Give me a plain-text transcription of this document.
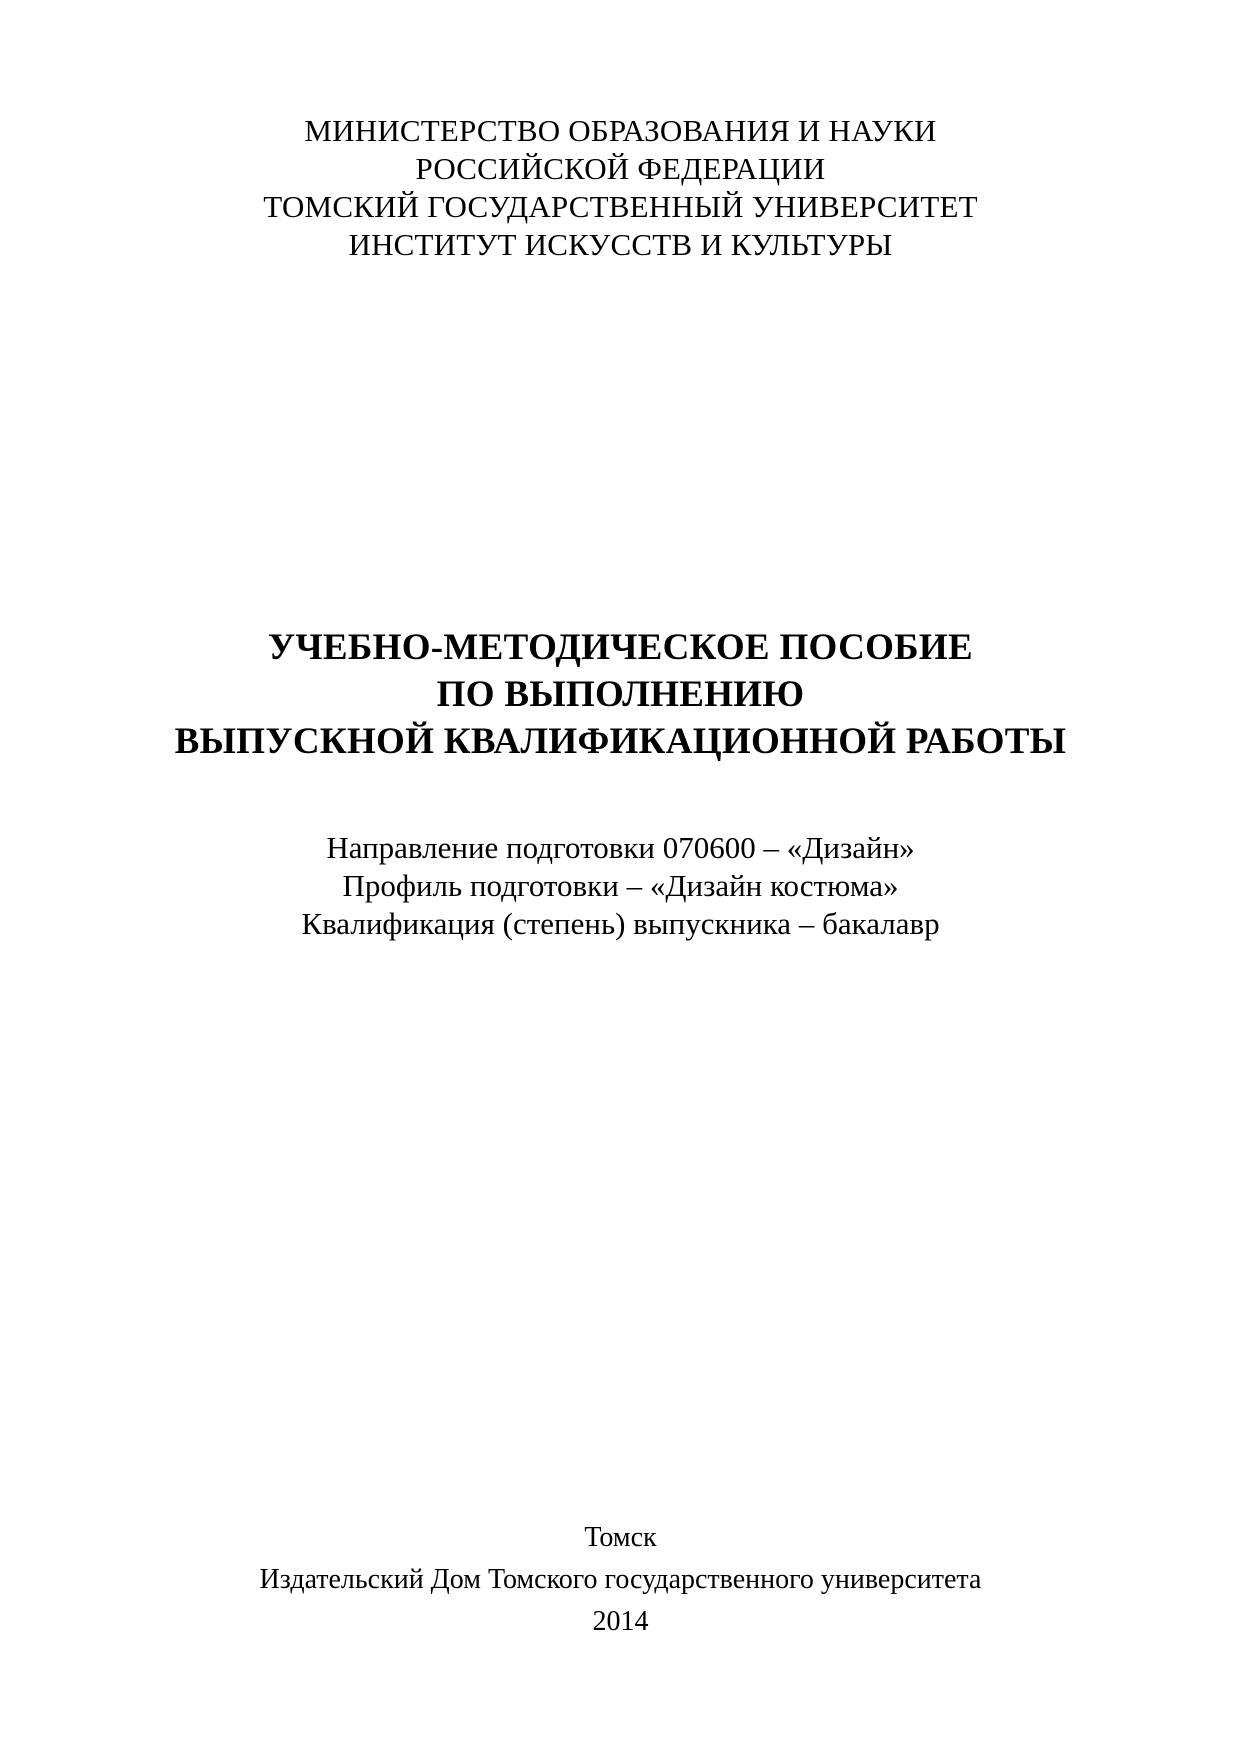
МИНИСТЕРСТВО ОБРАЗОВАНИЯ И НАУКИ
РОССИЙСКОЙ ФЕДЕРАЦИИ
ТОМСКИЙ ГОСУДАРСТВЕННЫЙ УНИВЕРСИТЕТ
ИНСТИТУТ ИСКУССТВ И КУЛЬТУРЫ
УЧЕБНО-МЕТОДИЧЕСКОЕ ПОСОБИЕ
ПО ВЫПОЛНЕНИЮ
ВЫПУСКНОЙ КВАЛИФИКАЦИОННОЙ РАБОТЫ
Направление подготовки 070600 – «Дизайн»
Профиль подготовки – «Дизайн костюма»
Квалификация (степень) выпускника – бакалавр
Томск
Издательский Дом Томского государственного университета
2014
